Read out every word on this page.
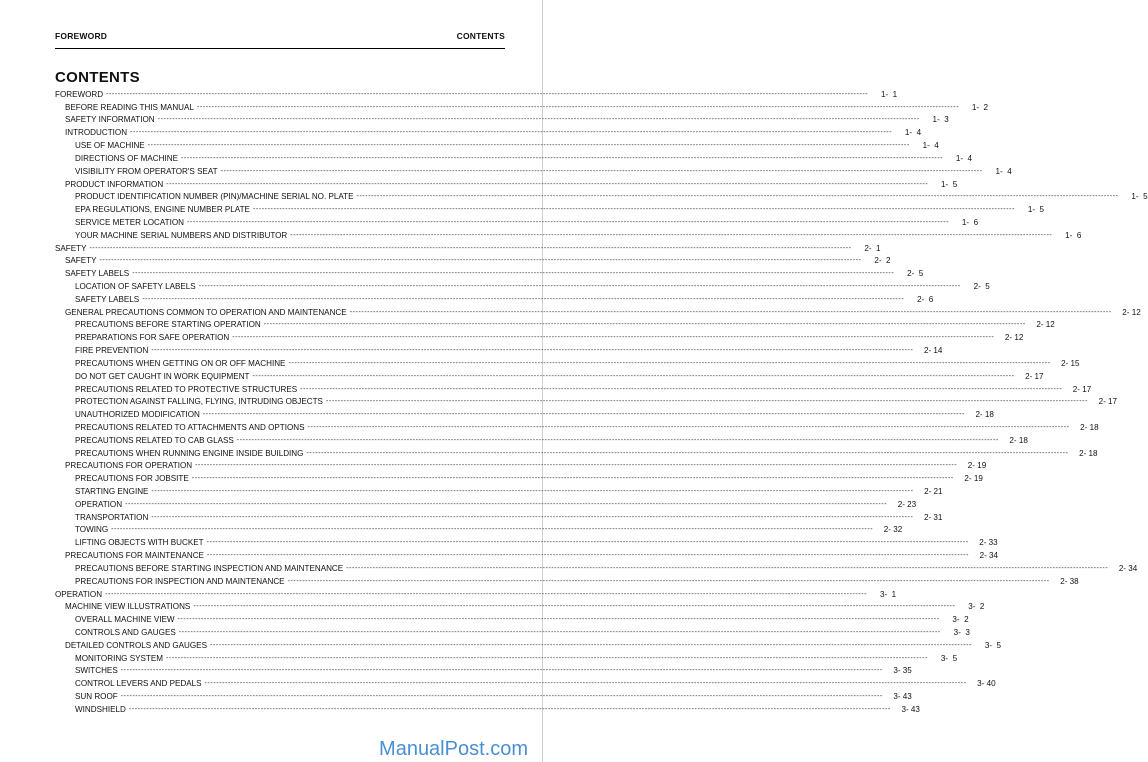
FOREWORD	CONTENTS
CONTENTS
FOREWORD --------------------------------------------------------------------------------------------------------------------------------------------------------------------------------------------------------------------------------------------------------------------	1-  1
BEFORE READING THIS MANUAL --------------------------------------------------------------------------------------------------------------------------------------------------------------------------------------------------------------------------------------------------------------------	1-  2
SAFETY INFORMATION --------------------------------------------------------------------------------------------------------------------------------------------------------------------------------------------------------------------------------------------------------------------	1-  3
INTRODUCTION --------------------------------------------------------------------------------------------------------------------------------------------------------------------------------------------------------------------------------------------------------------------	1-  4
USE OF MACHINE --------------------------------------------------------------------------------------------------------------------------------------------------------------------------------------------------------------------------------------------------------------------	1-  4
DIRECTIONS OF MACHINE --------------------------------------------------------------------------------------------------------------------------------------------------------------------------------------------------------------------------------------------------------------------	1-  4
VISIBILITY FROM OPERATOR'S SEAT --------------------------------------------------------------------------------------------------------------------------------------------------------------------------------------------------------------------------------------------------------------------	1-  4
PRODUCT INFORMATION --------------------------------------------------------------------------------------------------------------------------------------------------------------------------------------------------------------------------------------------------------------------	1-  5
PRODUCT IDENTIFICATION NUMBER (PIN)/MACHINE SERIAL NO. PLATE --------------------------------------------------------------------------------------------------------------------------------------------------------------------------------------------------------------------------------------------------------------------	1-  5
EPA REGULATIONS, ENGINE NUMBER PLATE --------------------------------------------------------------------------------------------------------------------------------------------------------------------------------------------------------------------------------------------------------------------	1-  5
SERVICE METER LOCATION --------------------------------------------------------------------------------------------------------------------------------------------------------------------------------------------------------------------------------------------------------------------	1-  6
YOUR MACHINE SERIAL NUMBERS AND DISTRIBUTOR --------------------------------------------------------------------------------------------------------------------------------------------------------------------------------------------------------------------------------------------------------------------	1-  6
SAFETY --------------------------------------------------------------------------------------------------------------------------------------------------------------------------------------------------------------------------------------------------------------------	2-  1
SAFETY --------------------------------------------------------------------------------------------------------------------------------------------------------------------------------------------------------------------------------------------------------------------	2-  2
SAFETY LABELS --------------------------------------------------------------------------------------------------------------------------------------------------------------------------------------------------------------------------------------------------------------------	2-  5
LOCATION OF SAFETY LABELS --------------------------------------------------------------------------------------------------------------------------------------------------------------------------------------------------------------------------------------------------------------------	2-  5
SAFETY LABELS --------------------------------------------------------------------------------------------------------------------------------------------------------------------------------------------------------------------------------------------------------------------	2-  6
GENERAL PRECAUTIONS COMMON TO OPERATION AND MAINTENANCE --------------------------------------------------------------------------------------------------------------------------------------------------------------------------------------------------------------------------------------------------------------------	2- 12
PRECAUTIONS BEFORE STARTING OPERATION --------------------------------------------------------------------------------------------------------------------------------------------------------------------------------------------------------------------------------------------------------------------	2- 12
PREPARATIONS FOR SAFE OPERATION --------------------------------------------------------------------------------------------------------------------------------------------------------------------------------------------------------------------------------------------------------------------	2- 12
FIRE PREVENTION --------------------------------------------------------------------------------------------------------------------------------------------------------------------------------------------------------------------------------------------------------------------	2- 14
PRECAUTIONS WHEN GETTING ON OR OFF MACHINE --------------------------------------------------------------------------------------------------------------------------------------------------------------------------------------------------------------------------------------------------------------------	2- 15
DO NOT GET CAUGHT IN WORK EQUIPMENT --------------------------------------------------------------------------------------------------------------------------------------------------------------------------------------------------------------------------------------------------------------------	2- 17
PRECAUTIONS RELATED TO PROTECTIVE STRUCTURES --------------------------------------------------------------------------------------------------------------------------------------------------------------------------------------------------------------------------------------------------------------------	2- 17
PROTECTION AGAINST FALLING, FLYING, INTRUDING OBJECTS --------------------------------------------------------------------------------------------------------------------------------------------------------------------------------------------------------------------------------------------------------------------	2- 17
UNAUTHORIZED MODIFICATION --------------------------------------------------------------------------------------------------------------------------------------------------------------------------------------------------------------------------------------------------------------------	2- 18
PRECAUTIONS RELATED TO ATTACHMENTS AND OPTIONS --------------------------------------------------------------------------------------------------------------------------------------------------------------------------------------------------------------------------------------------------------------------	2- 18
PRECAUTIONS RELATED TO CAB GLASS --------------------------------------------------------------------------------------------------------------------------------------------------------------------------------------------------------------------------------------------------------------------	2- 18
PRECAUTIONS WHEN RUNNING ENGINE INSIDE BUILDING --------------------------------------------------------------------------------------------------------------------------------------------------------------------------------------------------------------------------------------------------------------------	2- 18
PRECAUTIONS FOR OPERATION --------------------------------------------------------------------------------------------------------------------------------------------------------------------------------------------------------------------------------------------------------------------	2- 19
PRECAUTIONS FOR JOBSITE --------------------------------------------------------------------------------------------------------------------------------------------------------------------------------------------------------------------------------------------------------------------	2- 19
STARTING ENGINE --------------------------------------------------------------------------------------------------------------------------------------------------------------------------------------------------------------------------------------------------------------------	2- 21
OPERATION --------------------------------------------------------------------------------------------------------------------------------------------------------------------------------------------------------------------------------------------------------------------	2- 23
TRANSPORTATION --------------------------------------------------------------------------------------------------------------------------------------------------------------------------------------------------------------------------------------------------------------------	2- 31
TOWING --------------------------------------------------------------------------------------------------------------------------------------------------------------------------------------------------------------------------------------------------------------------	2- 32
LIFTING OBJECTS WITH BUCKET --------------------------------------------------------------------------------------------------------------------------------------------------------------------------------------------------------------------------------------------------------------------	2- 33
PRECAUTIONS FOR MAINTENANCE --------------------------------------------------------------------------------------------------------------------------------------------------------------------------------------------------------------------------------------------------------------------	2- 34
PRECAUTIONS BEFORE STARTING INSPECTION AND MAINTENANCE --------------------------------------------------------------------------------------------------------------------------------------------------------------------------------------------------------------------------------------------------------------------	2- 34
PRECAUTIONS FOR INSPECTION AND MAINTENANCE --------------------------------------------------------------------------------------------------------------------------------------------------------------------------------------------------------------------------------------------------------------------	2- 38
OPERATION --------------------------------------------------------------------------------------------------------------------------------------------------------------------------------------------------------------------------------------------------------------------	3-  1
MACHINE VIEW ILLUSTRATIONS --------------------------------------------------------------------------------------------------------------------------------------------------------------------------------------------------------------------------------------------------------------------	3-  2
OVERALL MACHINE VIEW --------------------------------------------------------------------------------------------------------------------------------------------------------------------------------------------------------------------------------------------------------------------	3-  2
CONTROLS AND GAUGES --------------------------------------------------------------------------------------------------------------------------------------------------------------------------------------------------------------------------------------------------------------------	3-  3
DETAILED CONTROLS AND GAUGES --------------------------------------------------------------------------------------------------------------------------------------------------------------------------------------------------------------------------------------------------------------------	3-  5
MONITORING SYSTEM --------------------------------------------------------------------------------------------------------------------------------------------------------------------------------------------------------------------------------------------------------------------	3-  5
SWITCHES --------------------------------------------------------------------------------------------------------------------------------------------------------------------------------------------------------------------------------------------------------------------	3- 35
CONTROL LEVERS AND PEDALS --------------------------------------------------------------------------------------------------------------------------------------------------------------------------------------------------------------------------------------------------------------------	3- 40
SUN ROOF --------------------------------------------------------------------------------------------------------------------------------------------------------------------------------------------------------------------------------------------------------------------	3- 43
WINDSHIELD --------------------------------------------------------------------------------------------------------------------------------------------------------------------------------------------------------------------------------------------------------------------	3- 43
ManualPost.com
